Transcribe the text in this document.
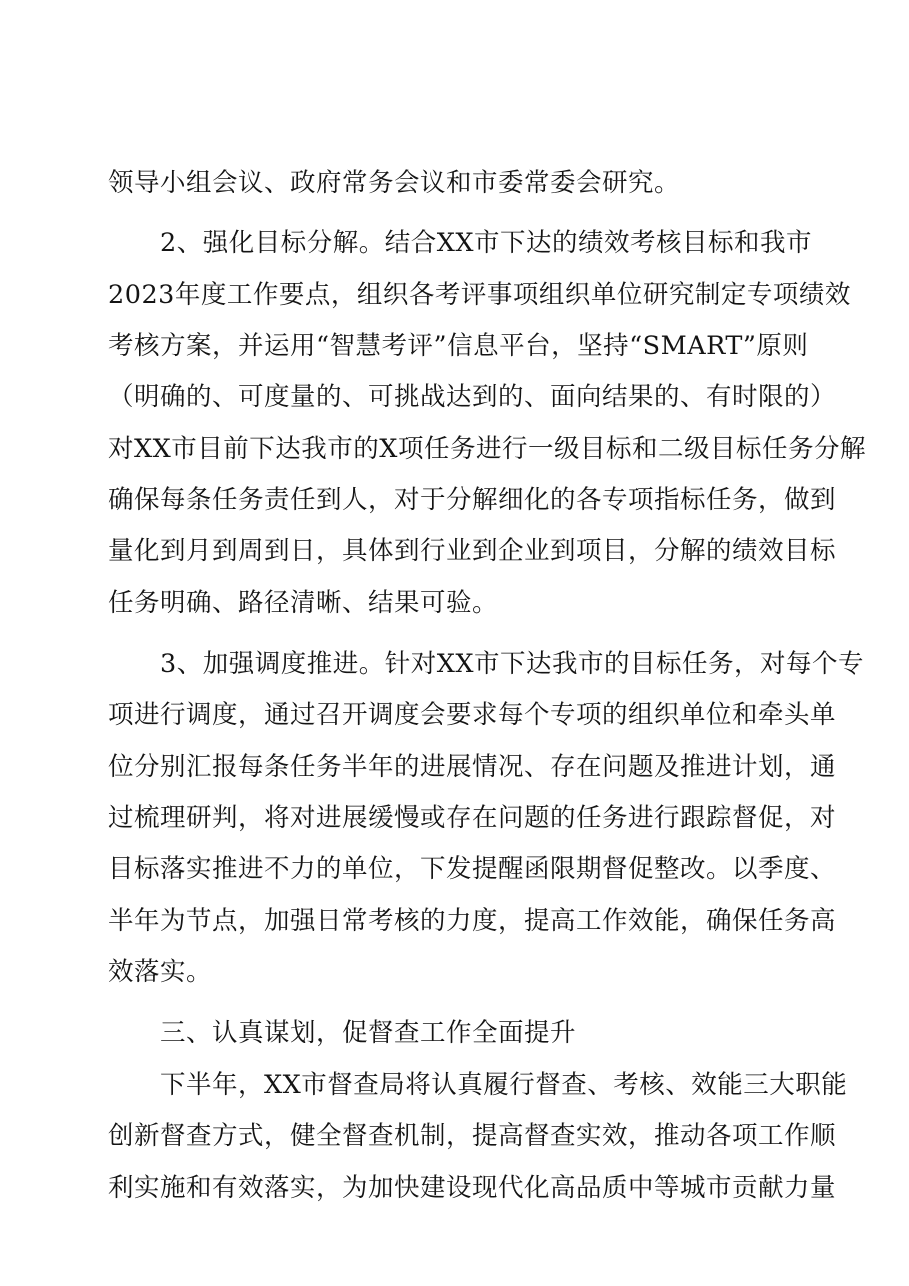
领导小组会议、政府常务会议和市委常委会研究。
2、强化目标分解。结合XX市下达的绩效考核目标和我市
2023年度工作要点，组织各考评事项组织单位研究制定专项绩效
考核方案，并运用“智慧考评”信息平台，坚持“SMART”原则
（明确的、可度量的、可挑战达到的、面向结果的、有时限的）
对XX市目前下达我市的X项任务进行一级目标和二级目标任务分解
确保每条任务责任到人，对于分解细化的各专项指标任务，做到
量化到月到周到日，具体到行业到企业到项目，分解的绩效目标
任务明确、路径清晰、结果可验。
3、加强调度推进。针对XX市下达我市的目标任务，对每个专
项进行调度，通过召开调度会要求每个专项的组织单位和牵头单
位分别汇报每条任务半年的进展情况、存在问题及推进计划，通
过梳理研判，将对进展缓慢或存在问题的任务进行跟踪督促，对
目标落实推进不力的单位，下发提醒函限期督促整改。以季度、
半年为节点，加强日常考核的力度，提高工作效能，确保任务高
效落实。
三、认真谋划，促督查工作全面提升
下半年，XX市督查局将认真履行督查、考核、效能三大职能
创新督查方式，健全督查机制，提高督查实效，推动各项工作顺
利实施和有效落实，为加快建设现代化高品质中等城市贡献力量
